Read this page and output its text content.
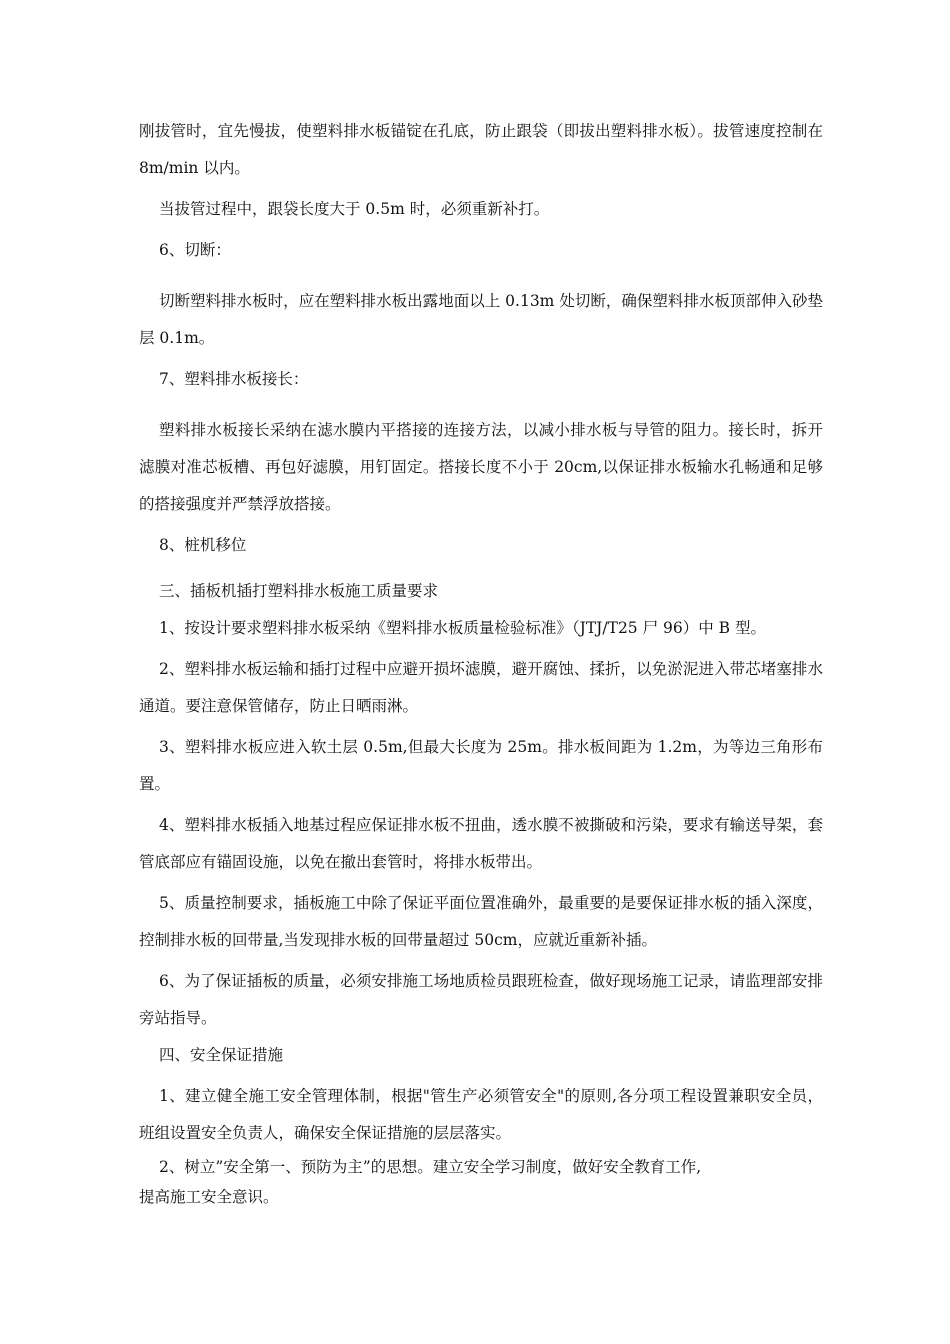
刚拔管时，宜先慢拔，使塑料排水板锚锭在孔底，防止跟袋（即拔出塑料排水板）。拔管速度控制在 8m/min 以内。

当拔管过程中，跟袋长度大于 0.5m 时，必须重新补打。

6、切断：

切断塑料排水板时，应在塑料排水板出露地面以上 0.13m 处切断，确保塑料排水板顶部伸入砂垫层 0.1m。

7、塑料排水板接长：

塑料排水板接长采纳在滤水膜内平搭接的连接方法，以减小排水板与导管的阻力。接长时，拆开滤膜对准芯板槽、再包好滤膜，用钉固定。搭接长度不小于 20cm,以保证排水板输水孔畅通和足够的搭接强度并严禁浮放搭接。

8、桩机移位

三、插板机插打塑料排水板施工质量要求

1、按设计要求塑料排水板采纳《塑料排水板质量检验标准》（JTJ/T25 尸 96）中 B 型。

2、塑料排水板运输和插打过程中应避开损坏滤膜，避开腐蚀、揉折，以免淤泥进入带芯堵塞排水通道。要注意保管储存，防止日晒雨淋。

3、塑料排水板应进入软土层 0.5m,但最大长度为 25m。排水板间距为 1.2m，为等边三角形布置。

4、塑料排水板插入地基过程应保证排水板不扭曲，透水膜不被撕破和污染，要求有输送导架，套管底部应有锚固设施，以免在撤出套管时，将排水板带出。

5、质量控制要求，插板施工中除了保证平面位置准确外，最重要的是要保证排水板的插入深度，控制排水板的回带量,当发现排水板的回带量超过 50cm，应就近重新补插。

6、为了保证插板的质量，必须安排施工场地质检员跟班检查，做好现场施工记录，请监理部安排旁站指导。

四、安全保证措施

1、建立健全施工安全管理体制，根据"管生产必须管安全"的原则,各分项工程设置兼职安全员，班组设置安全负责人，确保安全保证措施的层层落实。

2、树立”安全第一、预防为主”的思想。建立安全学习制度，做好安全教育工作,

提高施工安全意识。
